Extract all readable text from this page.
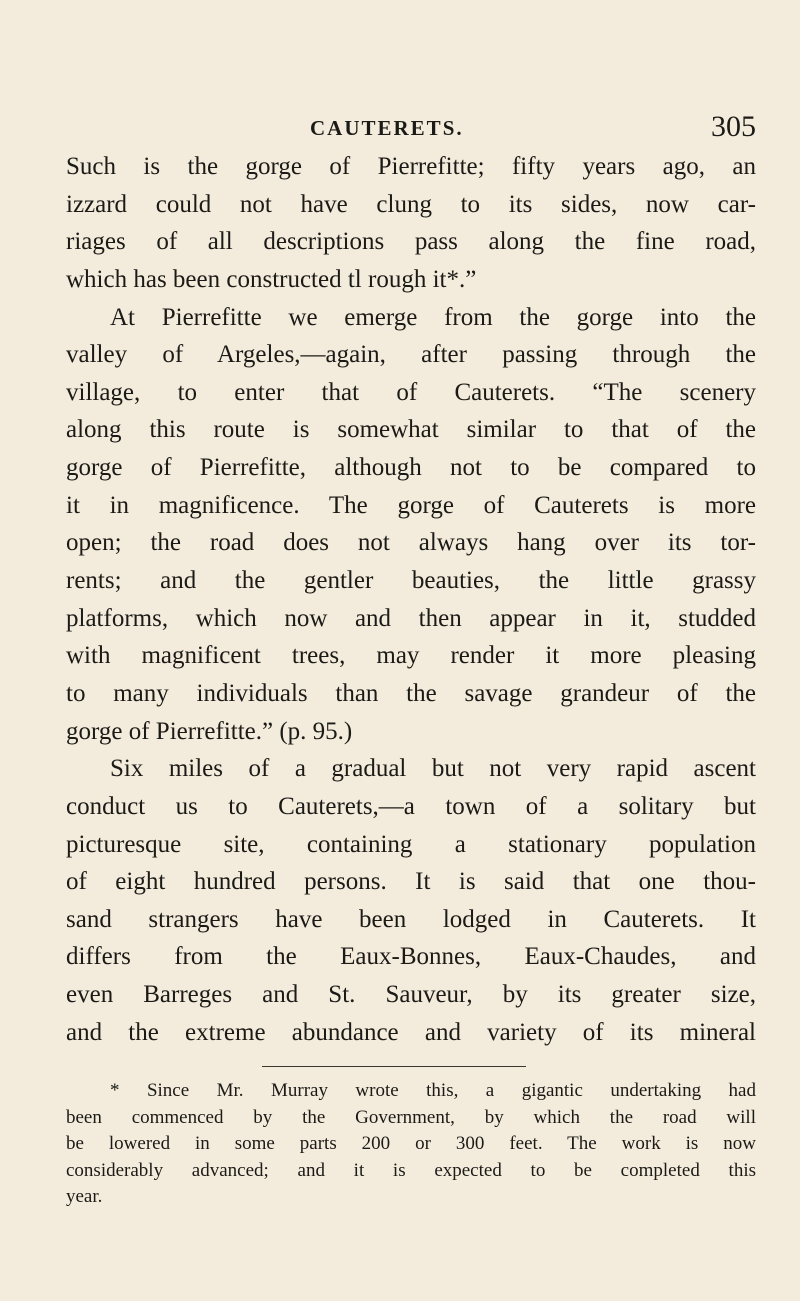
CAUTERETS.	305
Such is the gorge of Pierrefitte; fifty years ago, an
izzard could not have clung to its sides, now car-
riages of all descriptions pass along the fine road,
which has been constructed tl rough it*.”
At Pierrefitte we emerge from the gorge into the
valley of Argeles,—again, after passing through the
village, to enter that of Cauterets. “The scenery
along this route is somewhat similar to that of the
gorge of Pierrefitte, although not to be compared to
it in magnificence. The gorge of Cauterets is more
open; the road does not always hang over its tor-
rents; and the gentler beauties, the little grassy
platforms, which now and then appear in it, studded
with magnificent trees, may render it more pleasing
to many individuals than the savage grandeur of the
gorge of Pierrefitte.” (p. 95.)
Six miles of a gradual but not very rapid ascent
conduct us to Cauterets,—a town of a solitary but
picturesque site, containing a stationary population
of eight hundred persons. It is said that one thou-
sand strangers have been lodged in Cauterets. It
differs from the Eaux-Bonnes, Eaux-Chaudes, and
even Barreges and St. Sauveur, by its greater size,
and the extreme abundance and variety of its mineral
* Since Mr. Murray wrote this, a gigantic undertaking had
been commenced by the Government, by which the road will
be lowered in some parts 200 or 300 feet. The work is now
considerably advanced; and it is expected to be completed this
year.
